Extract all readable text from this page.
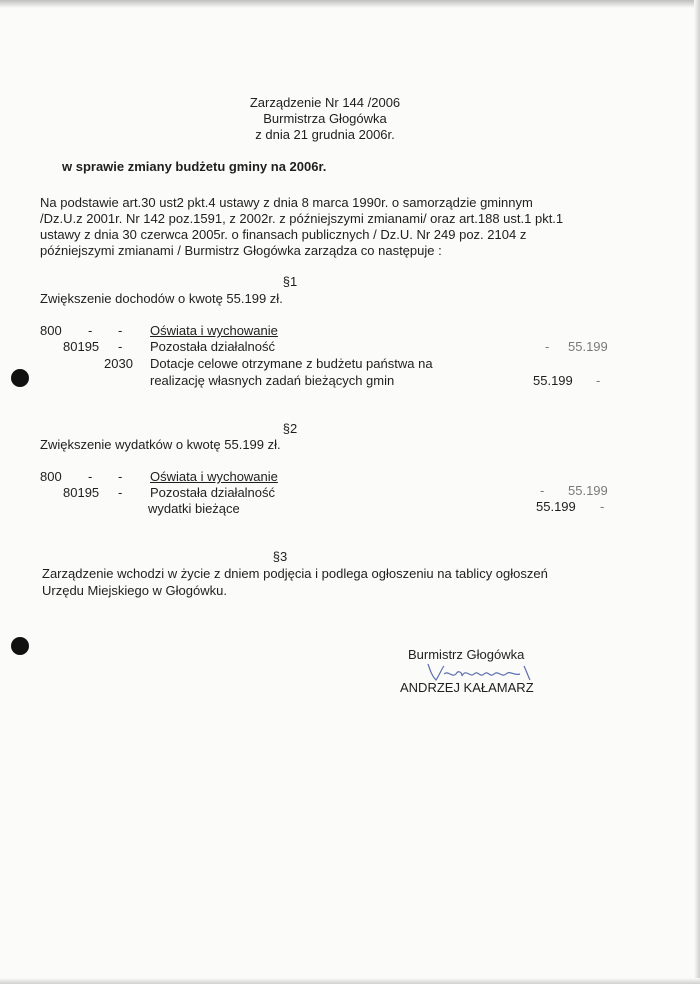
Zarządzenie Nr 144 /2006
Burmistrza Głogówka
z dnia 21 grudnia 2006r.
w sprawie zmiany budżetu gminy na 2006r.
Na podstawie art.30 ust2 pkt.4 ustawy z dnia 8 marca 1990r. o samorządzie gminnym
/Dz.U.z 2001r. Nr 142 poz.1591, z 2002r. z późniejszymi zmianami/ oraz art.188 ust.1 pkt.1
ustawy z dnia 30 czerwca 2005r. o finansach publicznych / Dz.U. Nr 249 poz. 2104 z
późniejszymi zmianami / Burmistrz Głogówka zarządza co następuje :
§1
Zwiększenie dochodów o kwotę 55.199 zł.
800 - - Oświata i wychowanie
80195 - Pozostała działalność	- 55.199
2030 Dotacje celowe otrzymane z budżetu państwa na
realizację własnych zadań bieżących gmin	55.199 -
§2
Zwiększenie wydatków o kwotę 55.199 zł.
800 - - Oświata i wychowanie
80195 - Pozostała działalność	- 55.199
wydatki bieżące	55.199 -
§3
Zarządzenie wchodzi w życie z dniem podjęcia i podlega ogłoszeniu na tablicy ogłoszeń
Urzędu Miejskiego w Głogówku.
Burmistrz Głogówka
ANDRZEJ KAŁAMARZ
